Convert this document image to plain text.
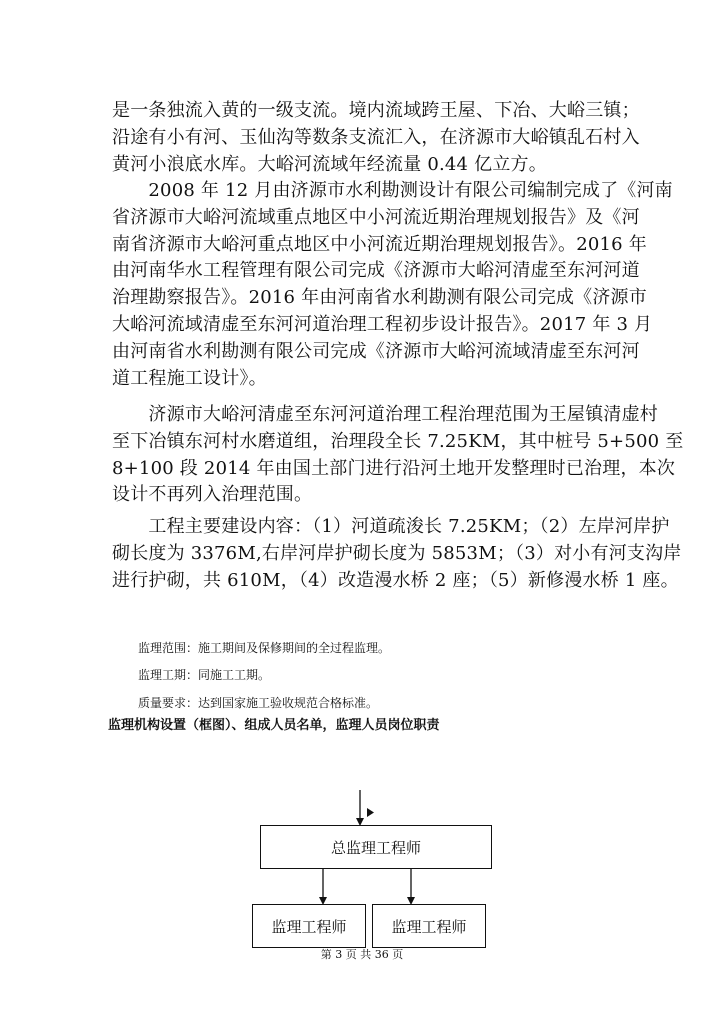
是一条独流入黄的一级支流。境内流域跨王屋、下冶、大峪三镇；
沿途有小有河、玉仙沟等数条支流汇入，在济源市大峪镇乱石村入
黄河小浪底水库。大峪河流域年经流量 0.44 亿立方。
　　2008 年 12 月由济源市水利勘测设计有限公司编制完成了《河南
省济源市大峪河流域重点地区中小河流近期治理规划报告》及《河
南省济源市大峪河重点地区中小河流近期治理规划报告》。2016 年
由河南华水工程管理有限公司完成《济源市大峪河清虚至东河河道
治理勘察报告》。2016 年由河南省水利勘测有限公司完成《济源市
大峪河流域清虚至东河河道治理工程初步设计报告》。2017 年 3 月
由河南省水利勘测有限公司完成《济源市大峪河流域清虚至东河河
道工程施工设计》。
　　济源市大峪河清虚至东河河道治理工程治理范围为王屋镇清虚村
至下冶镇东河村水磨道组，治理段全长 7.25KM，其中桩号 5+500 至
8+100 段 2014 年由国土部门进行沿河土地开发整理时已治理，本次
设计不再列入治理范围。
　　工程主要建设内容：（1）河道疏浚长 7.25KM；（2）左岸河岸护
砌长度为 3376M,右岸河岸护砌长度为 5853M；（3）对小有河支沟岸
进行护砌，共 610M，（4）改造漫水桥 2 座；（5）新修漫水桥 1 座。
监理范围：施工期间及保修期间的全过程监理。
监理工期：同施工工期。
质量要求：达到国家施工验收规范合格标准。
监理机构设置（框图）、组成人员名单，监理人员岗位职责
总监理工程师
监理工程师	监理工程师
第 3 页 共 36 页
